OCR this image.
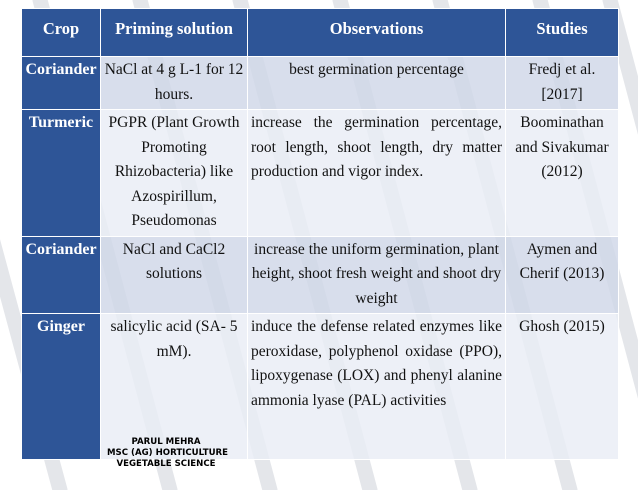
Crop	Priming solution	Observations	Studies
Coriander	NaCl at 4 g L-1 for 12 hours.	best germination percentage	Fredj et al. [2017]
Turmeric	PGPR (Plant Growth Promoting Rhizobacteria) like Azospirillum, Pseudomonas	increase the germination percentage, root length, shoot length, dry matter production and vigor index.	Boominathan and Sivakumar (2012)
Coriander	NaCl and CaCl2 solutions	increase the uniform germination, plant height, shoot fresh weight and shoot dry weight	Aymen and Cherif (2013)
Ginger	salicylic acid (SA- 5 mM).	induce the defense related enzymes like peroxidase, polyphenol oxidase (PPO), lipoxygenase (LOX) and phenyl alanine ammonia lyase (PAL) activities	Ghosh (2015)
PARUL MEHRA
MSC (AG) HORTICULTURE
VEGETABLE SCIENCE
